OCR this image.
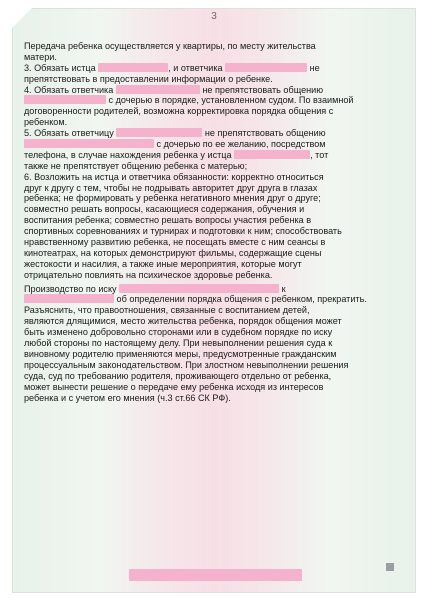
3
Передача ребенка осуществляется у квартиры, по месту жительства
матери.
3. Обязать истца	, и ответчика	не
препятствовать в предоставлении информации о ребенке.
4. Обязать ответчика	не препятствовать общению
с дочерью в порядке, установленном судом. По взаимной
договоренности родителей, возможна корректировка порядка общения с
ребенком.
5. Обязать ответчицу	не препятствовать общению
с дочерью по ее желанию, посредством
телефона, в случае нахождения ребенка у истца	, тот
также не препятствует общению ребенка с матерью;
6. Возложить на истца и ответчика обязанности: корректно относиться
друг к другу с тем, чтобы не подрывать авторитет друг друга в глазах
ребенка; не формировать у ребенка негативного мнения друг о друге;
совместно решать вопросы, касающиеся содержания, обучения и
воспитания ребенка; совместно решать вопросы участия ребенка в
спортивных соревнованиях и турнирах и подготовки к ним; способствовать
нравственному развитию ребенка, не посещать вместе с ним сеансы в
кинотеатрах, на которых демонстрируют фильмы, содержащие сцены
жестокости и насилия, а также иные мероприятия, которые могут
отрицательно повлиять на психическое здоровье ребенка.
Производство по иску	к
об определении порядка общения с ребенком, прекратить.
Разъяснить, что правоотношения, связанные с воспитанием детей,
являются длящимися, место жительства ребенка, порядок общения может
быть изменено добровольно сторонами или в судебном порядке по иску
любой стороны по настоящему делу. При невыполнении решения суда к
виновному родителю применяются меры, предусмотренные гражданским
процессуальным законодательством. При злостном невыполнении решения
суда, суд по требованию родителя, проживающего отдельно от ребенка,
может вынести решение о передаче ему ребенка исходя из интересов
ребенка и с учетом его мнения (ч.3 ст.66 СК РФ).
